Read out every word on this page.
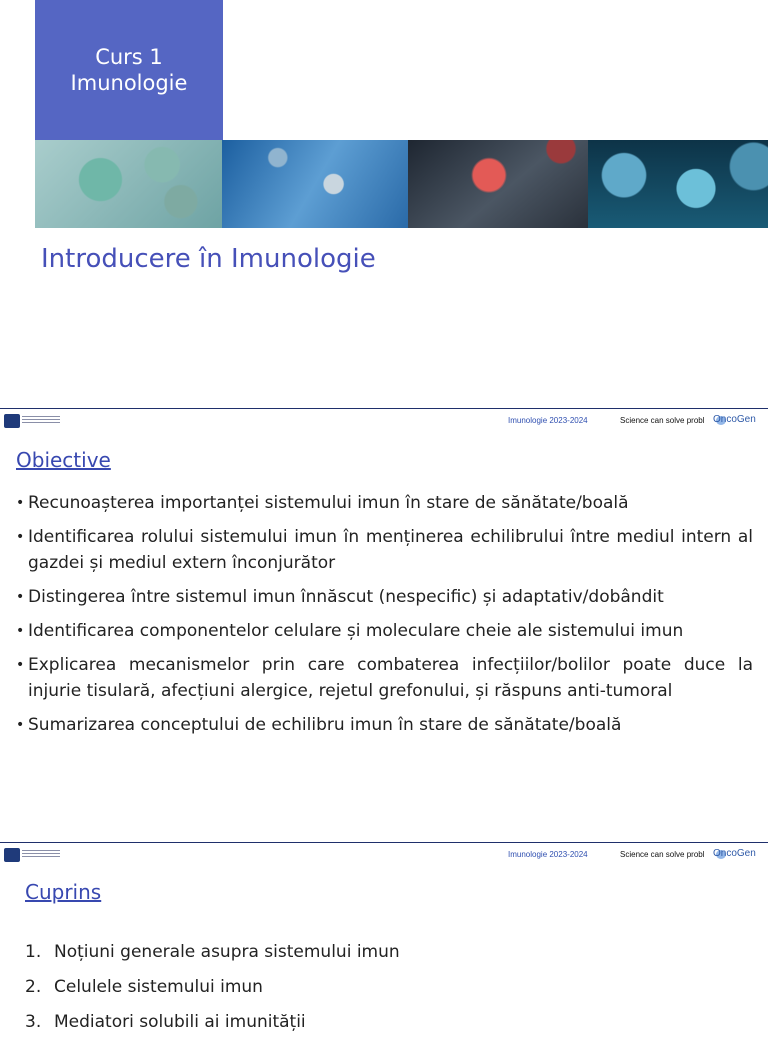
Curs 1
Imunologie
Introducere în Imunologie
Imunologie 2023-2024	Science can solve probl OncoGen
Obiective
• Recunoașterea importanței sistemului imun în stare de sănătate/boală
• Identificarea rolului sistemului imun în menținerea echilibrului între mediul intern al gazdei și mediul extern înconjurător
• Distingerea între sistemul imun înnăscut (nespecific) și adaptativ/dobândit
• Identificarea componentelor celulare și moleculare cheie ale sistemului imun
• Explicarea mecanismelor prin care combaterea infecțiilor/bolilor poate duce la injurie tisulară, afecțiuni alergice, rejetul grefonului, și răspuns anti-tumoral
• Sumarizarea conceptului de echilibru imun în stare de sănătate/boală
Imunologie 2023-2024	Science can solve probl OncoGen
Cuprins
1. Noțiuni generale asupra sistemului imun
2. Celulele sistemului imun
3. Mediatori solubili ai imunității
